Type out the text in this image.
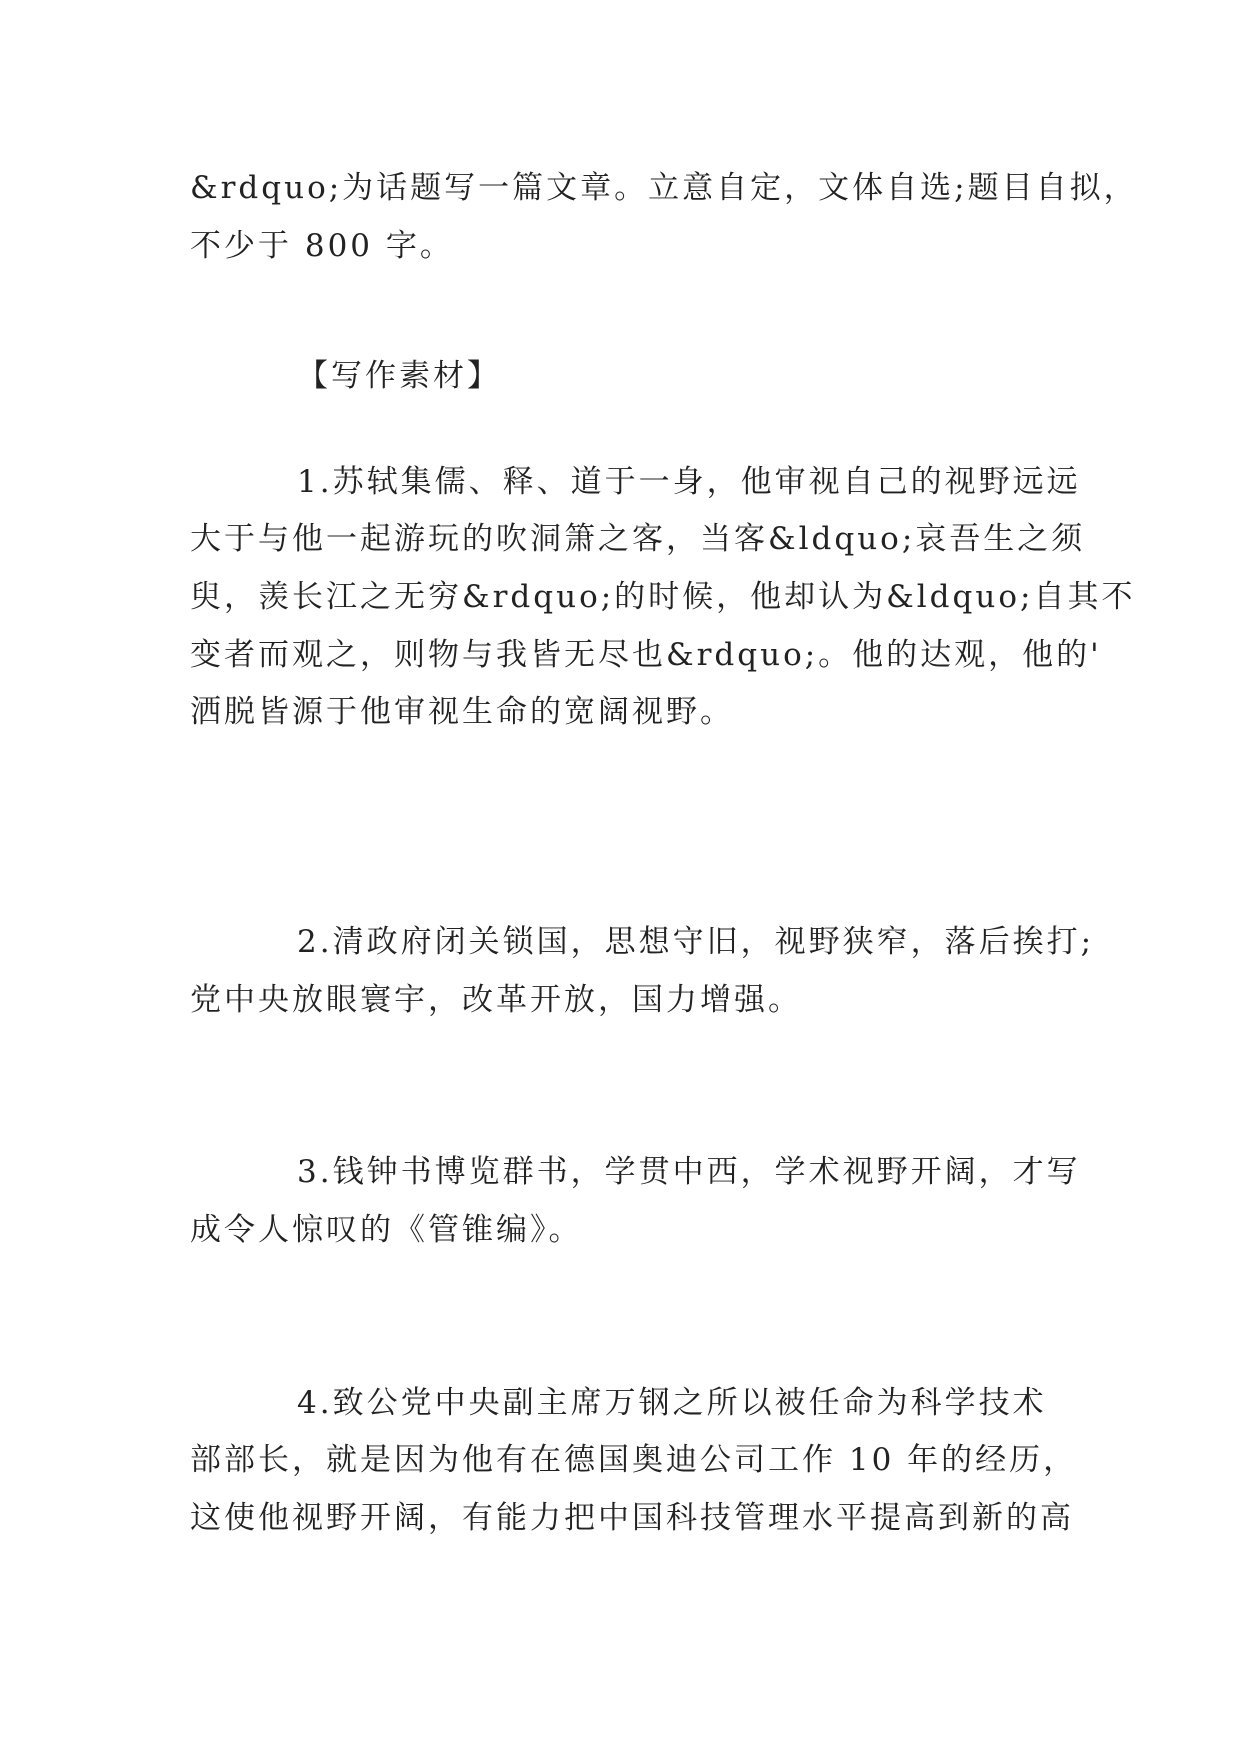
&rdquo;为话题写一篇文章。立意自定，文体自选;题目自拟，
不少于 800 字。
【写作素材】
1.苏轼集儒、释、道于一身，他审视自己的视野远远
大于与他一起游玩的吹洞箫之客，当客&ldquo;哀吾生之须
臾，羡长江之无穷&rdquo;的时候，他却认为&ldquo;自其不
变者而观之，则物与我皆无尽也&rdquo;。他的达观，他的'
洒脱皆源于他审视生命的宽阔视野。
2.清政府闭关锁国，思想守旧，视野狭窄，落后挨打;
党中央放眼寰宇，改革开放，国力增强。
3.钱钟书博览群书，学贯中西，学术视野开阔，才写
成令人惊叹的《管锥编》。
4.致公党中央副主席万钢之所以被任命为科学技术
部部长，就是因为他有在德国奥迪公司工作 10 年的经历，
这使他视野开阔，有能力把中国科技管理水平提高到新的高
